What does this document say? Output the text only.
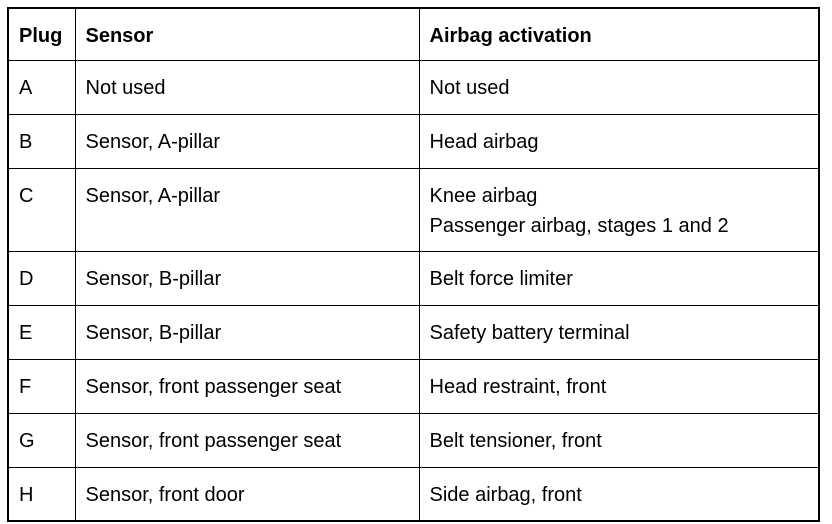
Plug	Sensor	Airbag activation
A	Not used	Not used

B	Sensor, A-pillar	Head airbag

C	Sensor, A-pillar	Knee airbag
Passenger airbag, stages 1 and 2

D	Sensor, B-pillar	Belt force limiter

E	Sensor, B-pillar	Safety battery terminal

F	Sensor, front passenger seat	Head restraint, front

G	Sensor, front passenger seat	Belt tensioner, front

H	Sensor, front door	Side airbag, front
